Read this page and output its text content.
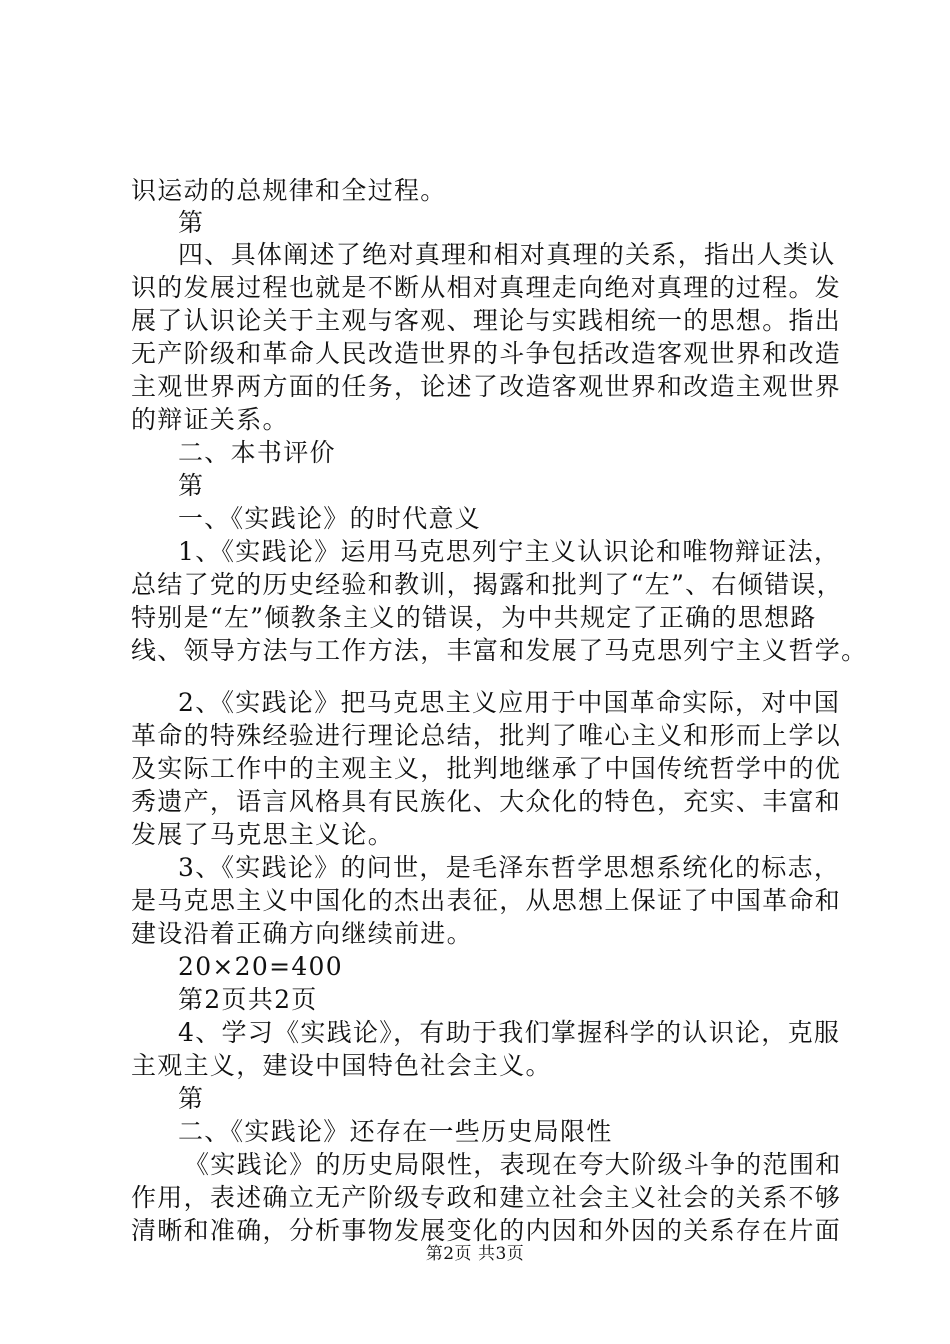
识运动的总规律和全过程。
第
四、具体阐述了绝对真理和相对真理的关系，指出人类认
识的发展过程也就是不断从相对真理走向绝对真理的过程。发
展了认识论关于主观与客观、理论与实践相统一的思想。指出
无产阶级和革命人民改造世界的斗争包括改造客观世界和改造
主观世界两方面的任务，论述了改造客观世界和改造主观世界
的辩证关系。
二、本书评价
第
一、《实践论》的时代意义
1、《实践论》运用马克思列宁主义认识论和唯物辩证法，
总结了党的历史经验和教训，揭露和批判了“左”、右倾错误，
特别是“左”倾教条主义的错误，为中共规定了正确的思想路
线、领导方法与工作方法，丰富和发展了马克思列宁主义哲学。
2、《实践论》把马克思主义应用于中国革命实际，对中国
革命的特殊经验进行理论总结，批判了唯心主义和形而上学以
及实际工作中的主观主义，批判地继承了中国传统哲学中的优
秀遗产，语言风格具有民族化、大众化的特色，充实、丰富和
发展了马克思主义论。
3、《实践论》的问世，是毛泽东哲学思想系统化的标志，
是马克思主义中国化的杰出表征，从思想上保证了中国革命和
建设沿着正确方向继续前进。
20×20=400
第2页共2页
4、学习《实践论》，有助于我们掌握科学的认识论，克服
主观主义，建设中国特色社会主义。
第
二、《实践论》还存在一些历史局限性
《实践论》的历史局限性，表现在夸大阶级斗争的范围和
作用，表述确立无产阶级专政和建立社会主义社会的关系不够
清晰和准确，分析事物发展变化的内因和外因的关系存在片面
第2页 共3页
